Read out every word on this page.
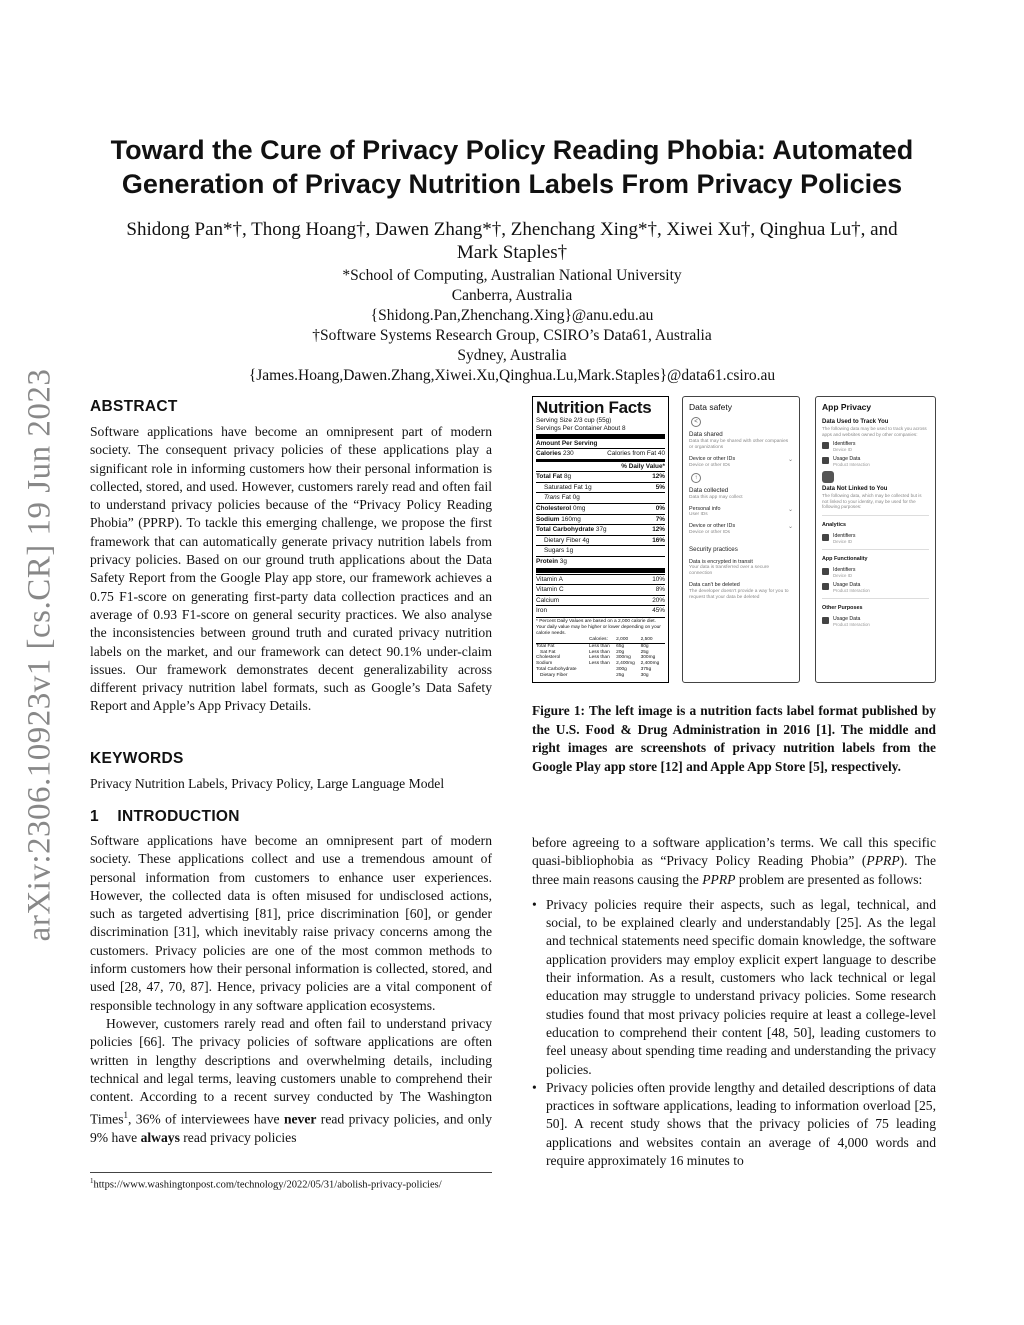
arXiv:2306.10923v1 [cs.CR] 19 Jun 2023
Toward the Cure of Privacy Policy Reading Phobia: Automated
Generation of Privacy Nutrition Labels From Privacy Policies
Shidong Pan*†, Thong Hoang†, Dawen Zhang*†, Zhenchang Xing*†, Xiwei Xu†, Qinghua Lu†, and
Mark Staples†
*School of Computing, Australian National University
Canberra, Australia
{Shidong.Pan,Zhenchang.Xing}@anu.edu.au
†Software Systems Research Group, CSIRO’s Data61, Australia
Sydney, Australia
{James.Hoang,Dawen.Zhang,Xiwei.Xu,Qinghua.Lu,Mark.Staples}@data61.csiro.au
ABSTRACT
Software applications have become an omnipresent part of modern society. The consequent privacy policies of these applications play a significant role in informing customers how their personal information is collected, stored, and used. However, customers rarely read and often fail to understand privacy policies because of the “Privacy Policy Reading Phobia” (PPRP). To tackle this emerging challenge, we propose the first framework that can automatically generate privacy nutrition labels from privacy policies. Based on our ground truth applications about the Data Safety Report from the Google Play app store, our framework achieves a 0.75 F1-score on generating first-party data collection practices and an average of 0.93 F1-score on general security practices. We also analyse the inconsistencies between ground truth and curated privacy nutrition labels on the market, and our framework can detect 90.1% under-claim issues. Our framework demonstrates decent generalizability across different privacy nutrition label formats, such as Google’s Data Safety Report and Apple’s App Privacy Details.
KEYWORDS
Privacy Nutrition Labels, Privacy Policy, Large Language Model
1    INTRODUCTION
Software applications have become an omnipresent part of modern society. These applications collect and use a tremendous amount of personal information from customers to enhance user experiences. However, the collected data is often misused for undisclosed actions, such as targeted advertising [81], price discrimination [60], or gender discrimination [31], which inevitably raise privacy concerns among the customers. Privacy policies are one of the most common methods to inform customers how their personal information is collected, stored, and used [28, 47, 70, 87]. Hence, privacy policies are a vital component of responsible technology in any software application ecosystems.
However, customers rarely read and often fail to understand privacy policies [66]. The privacy policies of software applications are often written in lengthy descriptions and overwhelming details, including technical and legal terms, leaving customers unable to comprehend their content. According to a recent survey conducted by The Washington Times$^1$, 36% of interviewees have never read privacy policies, and only 9% have always read privacy policies
$^1$https://www.washingtonpost.com/technology/2022/05/31/abolish-privacy-policies/
Nutrition Facts
Serving Size 2/3 cup (55g)
Servings Per Container About 8
Amount Per Serving
Calories 230	Calories from Fat 40
% Daily Value*
Total Fat 8g	12%
Saturated Fat 1g	5%
Trans Fat 0g
Cholesterol 0mg	0%
Sodium 160mg	7%
Total Carbohydrate 37g	12%
Dietary Fiber 4g	16%
Sugars 1g
Protein 3g
Vitamin A	10%
Vitamin C	8%
Calcium	20%
Iron	45%
* Percent Daily Values are based on a 2,000 calorie diet. Your daily value may be higher or lower depending on your calorie needs.
	Calories:	2,000	2,500
Total Fat	Less than	65g	80g
Sat Fat	Less than	20g	25g
Cholesterol	Less than	300mg	300mg
Sodium	Less than	2,400mg	2,400mg
Total Carbohydrate		300g	375g
Dietary Fiber		25g	30g
Data safety
<
Data shared
Data that may be shared with other companies or organizations
Device or other IDs
Device or other IDs
⌄
↑
Data collected
Data this app may collect
Personal info
User IDs
⌄
Device or other IDs
Device or other IDs
⌄
Security practices
Data is encrypted in transit
Your data is transferred over a secure connection
Data can't be deleted
The developer doesn't provide a way for you to request that your data be deleted
App Privacy
Data Used to Track You
The following data may be used to track you across apps and websites owned by other companies:
Identifiers
Device ID
Usage Data
Product Interaction
Data Not Linked to You
The following data, which may be collected but is not linked to your identity, may be used for the following purposes:
Analytics
Identifiers
Device ID
App Functionality
Identifiers
Device ID
Usage Data
Product Interaction
Other Purposes
Usage Data
Product Interaction
Figure 1: The left image is a nutrition facts label format published by the U.S. Food & Drug Administration in 2016 [1]. The middle and right images are screenshots of privacy nutrition labels from the Google Play app store [12] and Apple App Store [5], respectively.
before agreeing to a software application’s terms. We call this specific quasi-bibliophobia as “Privacy Policy Reading Phobia” (PPRP). The three main reasons causing the PPRP problem are presented as follows:
• Privacy policies require their aspects, such as legal, technical, and social, to be explained clearly and understandably [25]. As the legal and technical statements need specific domain knowledge, the software application providers may employ explicit expert language to describe their information. As a result, customers who lack technical or legal education may struggle to understand privacy policies. Some research studies found that most privacy policies require at least a college-level education to comprehend their content [48, 50], leading customers to feel uneasy about spending time reading and understanding the privacy policies.
• Privacy policies often provide lengthy and detailed descriptions of data practices in software applications, leading to information overload [25, 50]. A recent study shows that the privacy policies of 75 leading applications and websites contain an average of 4,000 words and require approximately 16 minutes to
